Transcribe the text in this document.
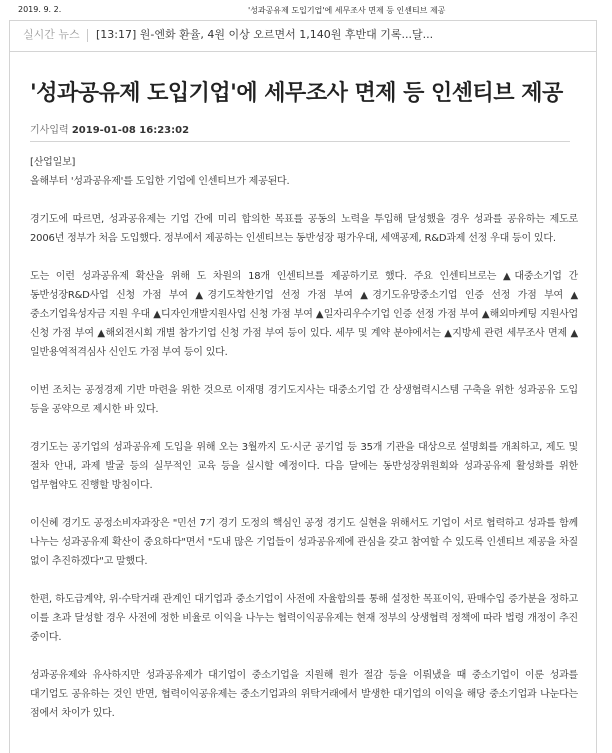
2019. 9. 2.	'성과공유제 도입기업'에 세무조사 면제 등 인센티브 제공
실시간 뉴스 [13:17] 원-엔화 환율, 4원 이상 오르면서 1,140원 후반대 기록...달...
'성과공유제 도입기업'에 세무조사 면제 등 인센티브 제공
기사입력 2019-01-08 16:23:02

[산업일보]

올해부터 '성과공유제'를 도입한 기업에 인센티브가 제공된다.

경기도에 따르면, 성과공유제는 기업 간에 미리 합의한 목표를 공동의 노력을 투입해 달성했을 경우 성과를 공유하는 제도로 2006년 정부가 처음 도입했다. 정부에서 제공하는 인센티브는 동반성장 평가우대, 세액공제, R&D과제 선정 우대 등이 있다.

도는 이런 성과공유제 확산을 위해 도 차원의 18개 인센티브를 제공하기로 했다. 주요 인센티브로는 ▲대중소기업 간 동반성장R&D사업 신청 가점 부여 ▲경기도착한기업 선정 가점 부여 ▲경기도유망중소기업 인증 선정 가점 부여 ▲중소기업육성자금 지원 우대 ▲디자인개발지원사업 신청 가점 부여 ▲일자리우수기업 인증 선정 가점 부여 ▲해외마케팅 지원사업 신청 가점 부여 ▲해외전시회 개별 참가기업 신청 가점 부여 등이 있다. 세무 및 계약 분야에서는 ▲지방세 관련 세무조사 면제 ▲일반용역적격심사 신인도 가점 부여 등이 있다.

이번 조치는 공정경제 기반 마련을 위한 것으로 이재명 경기도지사는 대중소기업 간 상생협력시스템 구축을 위한 성과공유 도입 등을 공약으로 제시한 바 있다.

경기도는 공기업의 성과공유제 도입을 위해 오는 3월까지 도·시군 공기업 등 35개 기관을 대상으로 설명회를 개최하고, 제도 및 절차 안내, 과제 발굴 등의 실무적인 교육 등을 실시할 예정이다. 다음 달에는 동반성장위원회와 성과공유제 활성화를 위한 업무협약도 진행할 방침이다.

이신혜 경기도 공정소비자과장은 "민선 7기 경기 도정의 핵심인 공정 경기도 실현을 위해서도 기업이 서로 협력하고 성과를 함께 나누는 성과공유제 확산이 중요하다"면서 "도내 많은 기업들이 성과공유제에 관심을 갖고 참여할 수 있도록 인센티브 제공을 차질 없이 추진하겠다"고 말했다.

한편, 하도급계약, 위·수탁거래 관계인 대기업과 중소기업이 사전에 자율합의를 통해 설정한 목표이익, 판매수입 증가분을 정하고 이를 초과 달성할 경우 사전에 정한 비율로 이익을 나누는 협력이익공유제는 현재 정부의 상생협력 정책에 따라 법령 개정이 추진 중이다.

성과공유제와 유사하지만 성과공유제가 대기업이 중소기업을 지원해 원가 절감 등을 이뤄냈을 때 중소기업이 이룬 성과를 대기업도 공유하는 것인 반면, 협력이익공유제는 중소기업과의 위탁거래에서 발생한 대기업의 이익을 해당 중소기업과 나눈다는 점에서 차이가 있다.
